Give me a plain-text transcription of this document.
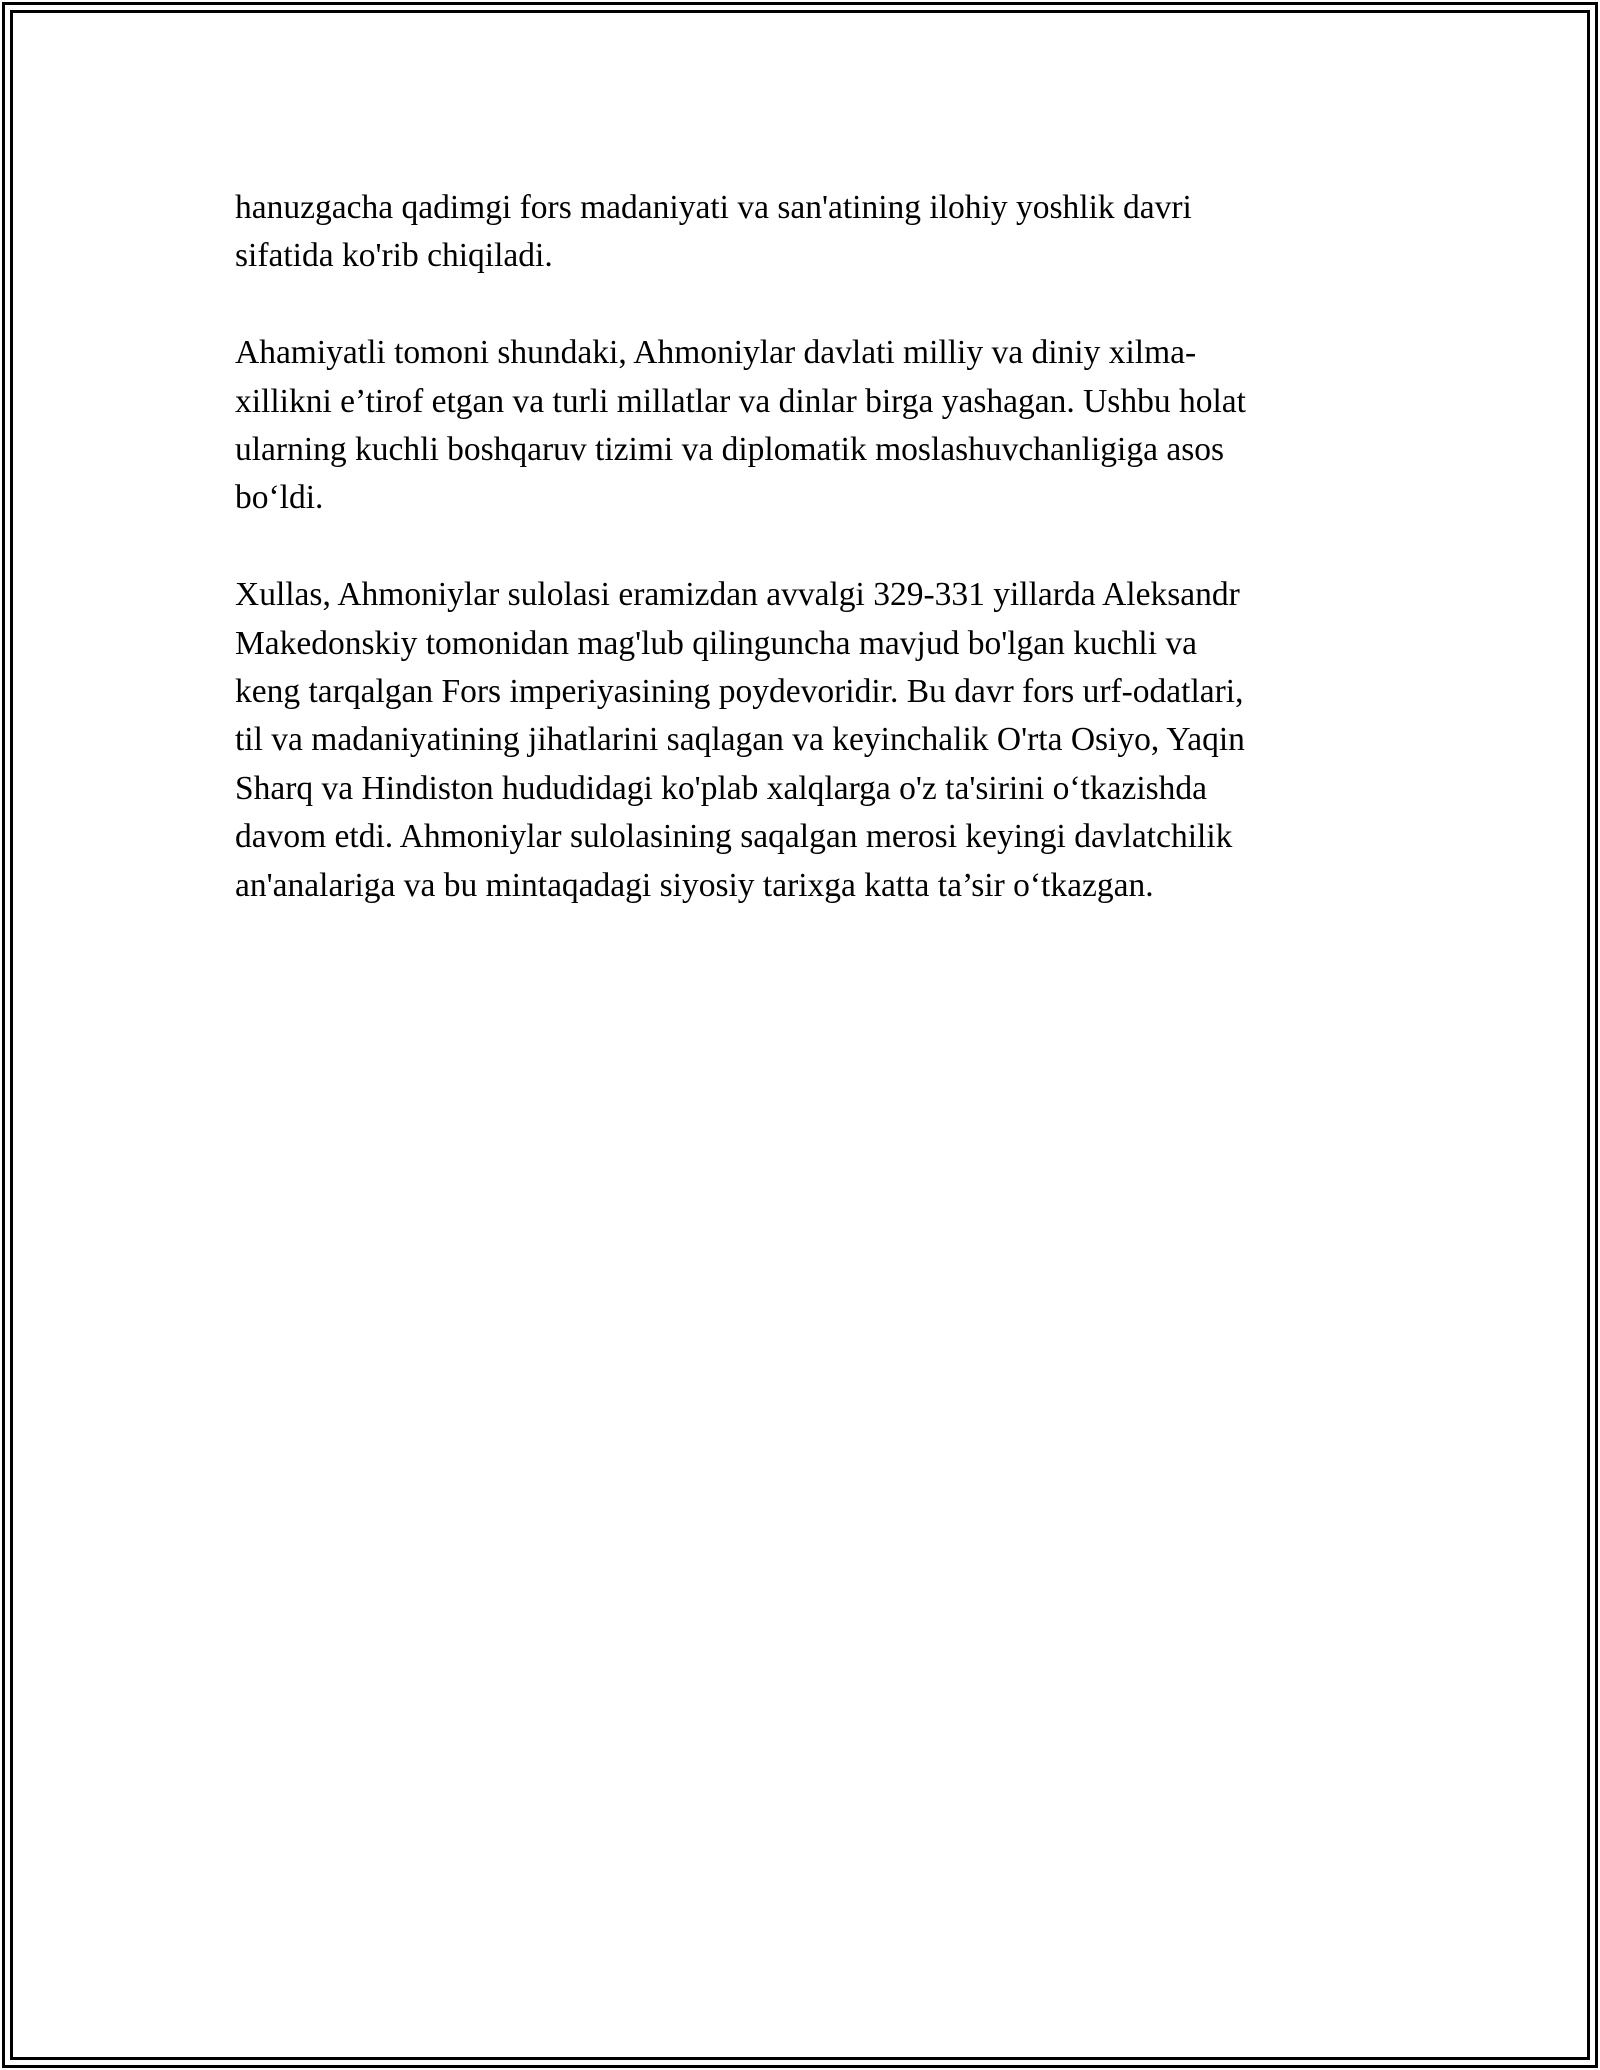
hanuzgacha qadimgi fors madaniyati va san'atining ilohiy yoshlik davri
sifatida ko'rib chiqiladi.
Ahamiyatli tomoni shundaki, Ahmoniylar davlati milliy va diniy xilma-
xillikni e’tirof etgan va turli millatlar va dinlar birga yashagan. Ushbu holat
ularning kuchli boshqaruv tizimi va diplomatik moslashuvchanligiga asos
bo‘ldi.
Xullas, Ahmoniylar sulolasi eramizdan avvalgi 329-331 yillarda Aleksandr
Makedonskiy tomonidan mag'lub qilinguncha mavjud bo'lgan kuchli va
keng tarqalgan Fors imperiyasining poydevoridir. Bu davr fors urf-odatlari,
til va madaniyatining jihatlarini saqlagan va keyinchalik O'rta Osiyo, Yaqin
Sharq va Hindiston hududidagi ko'plab xalqlarga o'z ta'sirini o‘tkazishda
davom etdi. Ahmoniylar sulolasining saqalgan merosi keyingi davlatchilik
an'analariga va bu mintaqadagi siyosiy tarixga katta ta’sir o‘tkazgan.
